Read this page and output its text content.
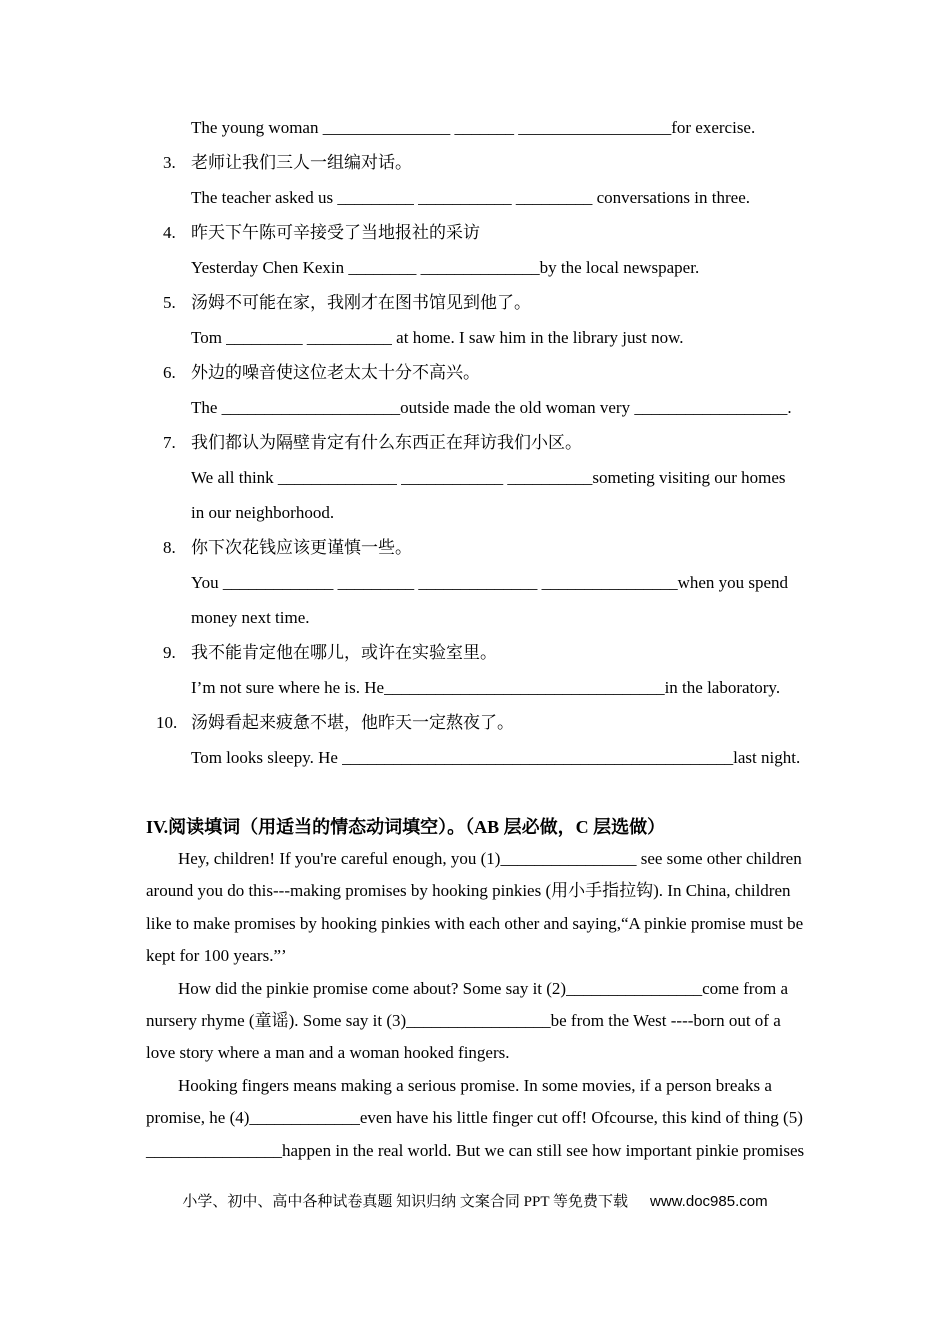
The young woman _______________ _______ __________________for exercise.
3. 老师让我们三人一组编对话。
The teacher asked us _________ ___________ _________ conversations in three.
4. 昨天下午陈可辛接受了当地报社的采访
Yesterday Chen Kexin ________ ______________by the local newspaper.
5. 汤姆不可能在家，我刚才在图书馆见到他了。
Tom _________ __________ at home. I saw him in the library just now.
6. 外边的噪音使这位老太太十分不高兴。
The _____________________outside made the old woman very __________________.
7. 我们都认为隔壁肯定有什么东西正在拜访我们小区。
We all think ______________ ____________ __________someting visiting our homes
in our neighborhood.
8. 你下次花钱应该更谨慎一些。
You _____________ _________ ______________ ________________when you spend
money next time.
9. 我不能肯定他在哪儿，或许在实验室里。
I’m not sure where he is. He_________________________________in the laboratory.
10. 汤姆看起来疲惫不堪，他昨天一定熬夜了。
Tom looks sleepy. He ______________________________________________last night.
IV.阅读填词（用适当的情态动词填空）。（AB 层必做，C 层选做）
Hey, children! If you're careful enough, you (1)________________ see some other children
around you do this---making promises by hooking pinkies (用小手指拉钩). In China, children
like to make promises by hooking pinkies with each other and saying,“A pinkie promise must be
kept for 100 years.”’
How did the pinkie promise come about? Some say it (2)________________come from a
nursery rhyme (童谣). Some say it (3)_________________be from the West ----born out of a
love story where a man and a woman hooked fingers.
Hooking fingers means making a serious promise. In some movies, if a person breaks a
promise, he (4)_____________even have his little finger cut off! Ofcourse, this kind of thing (5)
________________happen in the real world. But we can still see how important pinkie promises
小学、初中、高中各种试卷真题 知识归纳 文案合同 PPT 等免费下载 www.doc985.com
